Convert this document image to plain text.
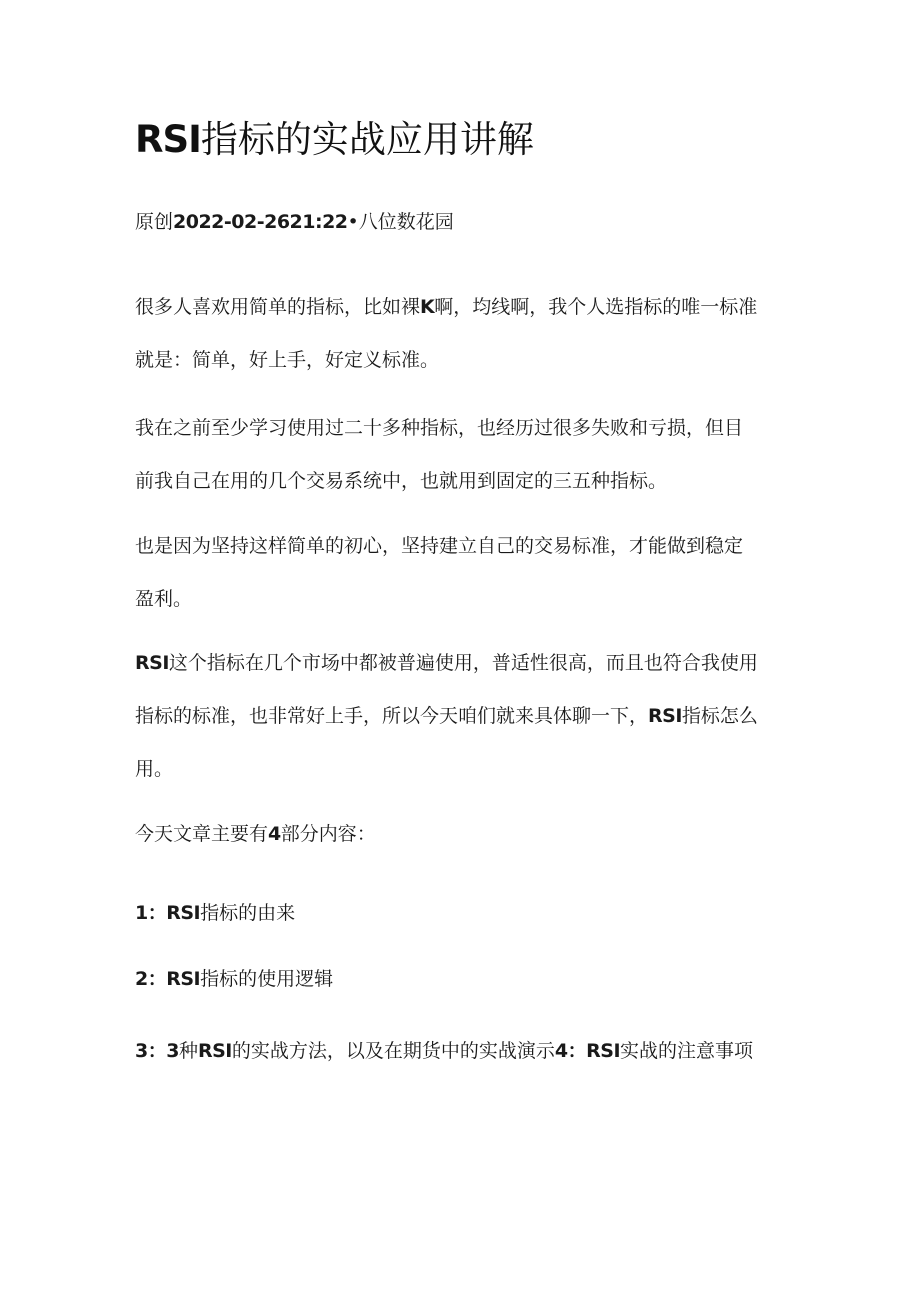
RSI指标的实战应用讲解
原创2022-02-2621:22•八位数花园

很多人喜欢用简单的指标，比如裸K啊，均线啊，我个人选指标的唯一标准
就是：简单，好上手，好定义标准。

我在之前至少学习使用过二十多种指标，也经历过很多失败和亏损，但目
前我自己在用的几个交易系统中，也就用到固定的三五种指标。

也是因为坚持这样简单的初心，坚持建立自己的交易标准，才能做到稳定
盈利。

RSI这个指标在几个市场中都被普遍使用，普适性很高，而且也符合我使用
指标的标准，也非常好上手，所以今天咱们就来具体聊一下，RSI指标怎么
用。

今天文章主要有4部分内容：

1：RSI指标的由来
2：RSI指标的使用逻辑
3：3种RSI的实战方法，以及在期货中的实战演示4：RSI实战的注意事项
